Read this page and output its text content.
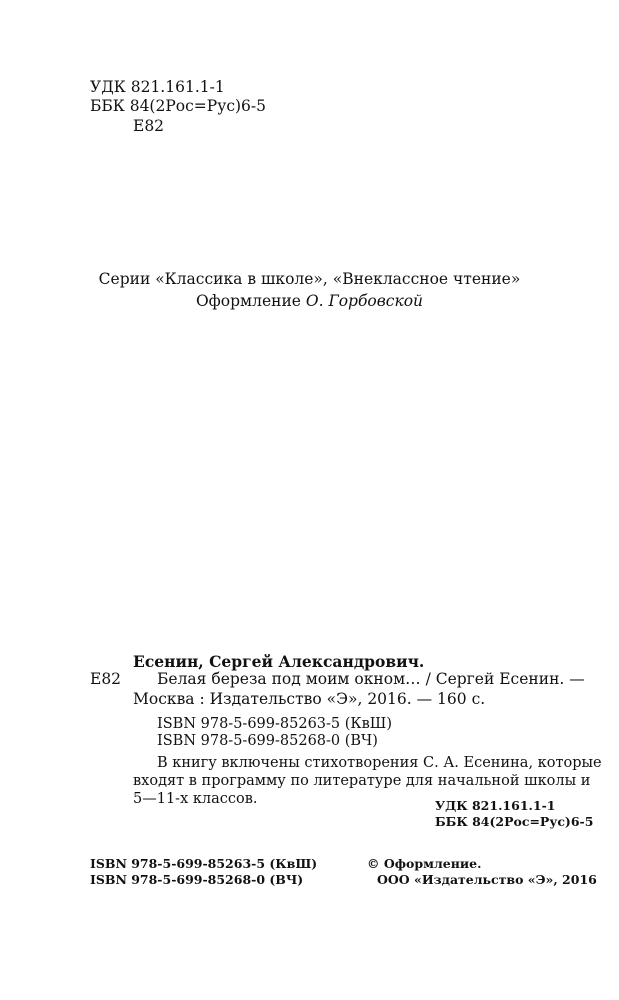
УДК 821.161.1-1
ББК 84(2Рос=Рус)6-5
Е82
Серии «Классика в школе», «Внеклассное чтение»
Оформление О. Горбовской
Есенин, Сергей Александрович.
Е82 Белая береза под моим окном… / Сергей Есенин. —
Москва : Издательство «Э», 2016. — 160 с.
ISBN 978-5-699-85263-5 (КвШ)
ISBN 978-5-699-85268-0 (ВЧ)
В книгу включены стихотворения С. А. Есенина, которые
входят в программу по литературе для начальной школы и
5—11-х классов.	УДК 821.161.1-1
ББК 84(2Рос=Рус)6-5
ISBN 978-5-699-85263-5 (КвШ)
ISBN 978-5-699-85268-0 (ВЧ)
© Оформление.
ООО «Издательство «Э», 2016
